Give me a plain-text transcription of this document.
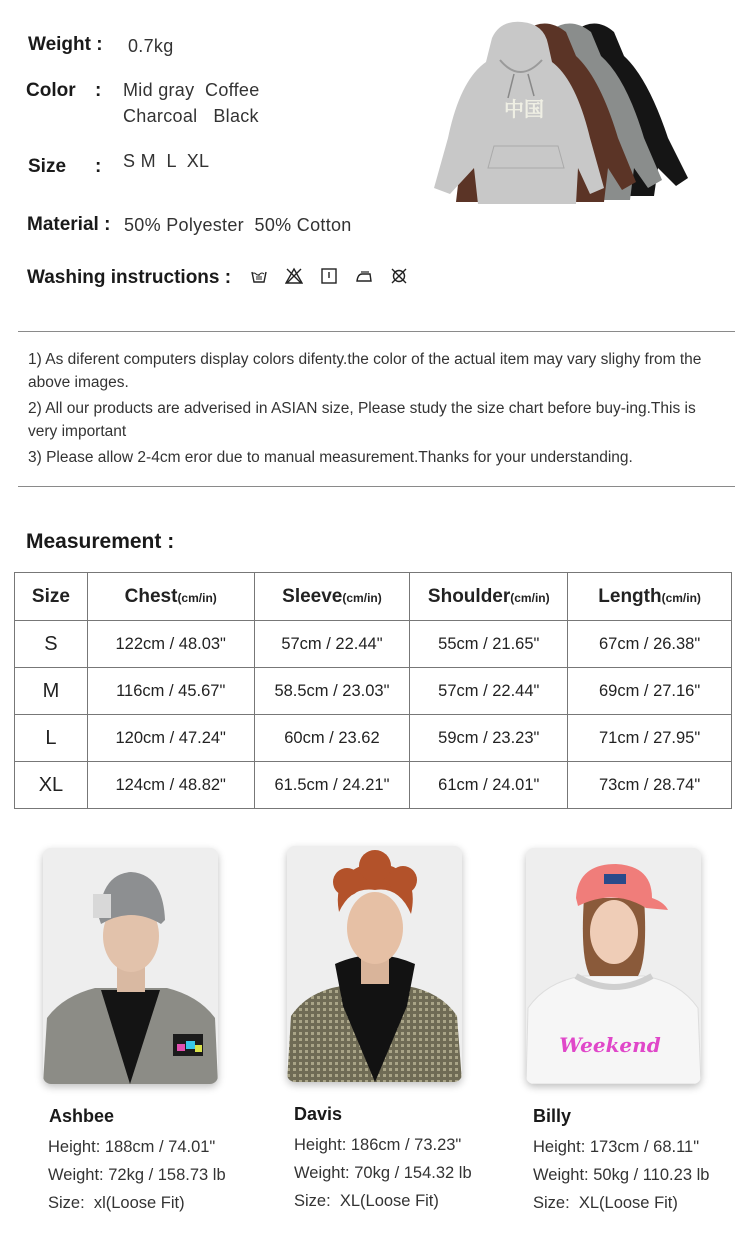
Weight : 0.7kg
Color : Mid gray  Coffee
Charcoal   Black
Size : S M  L  XL
Material : 50% Polyester  50% Cotton
Washing instructions :
中国

1) As diferent computers display colors difenty.the color of the actual item may vary slighy from the above images.

2) All our products are adverised in ASIAN size, Please study the size chart before buy-ing.This is very important

3) Please allow 2-4cm eror due to manual measurement.Thanks for your understanding.

Measurement :
Size	Chest(cm/in)	Sleeve(cm/in)	Shoulder(cm/in)	Length(cm/in)
S	122cm / 48.03"	57cm / 22.44"	55cm / 21.65"	67cm / 26.38"
M	116cm / 45.67"	58.5cm / 23.03"	57cm / 22.44"	69cm / 27.16"
L	120cm / 47.24"	60cm / 23.62	59cm / 23.23"	71cm / 27.95"
XL	124cm / 48.82"	61.5cm / 24.21"	61cm / 24.01"	73cm / 28.74"
Ashbee
Height: 188cm / 74.01"
Weight: 72kg / 158.73 lb
Size:  xl(Loose Fit)
Davis
Height: 186cm / 73.23"
Weight: 70kg / 154.32 lb
Size:  XL(Loose Fit)
Weekend
Billy
Height: 173cm / 68.11"
Weight: 50kg / 110.23 lb
Size:  XL(Loose Fit)
